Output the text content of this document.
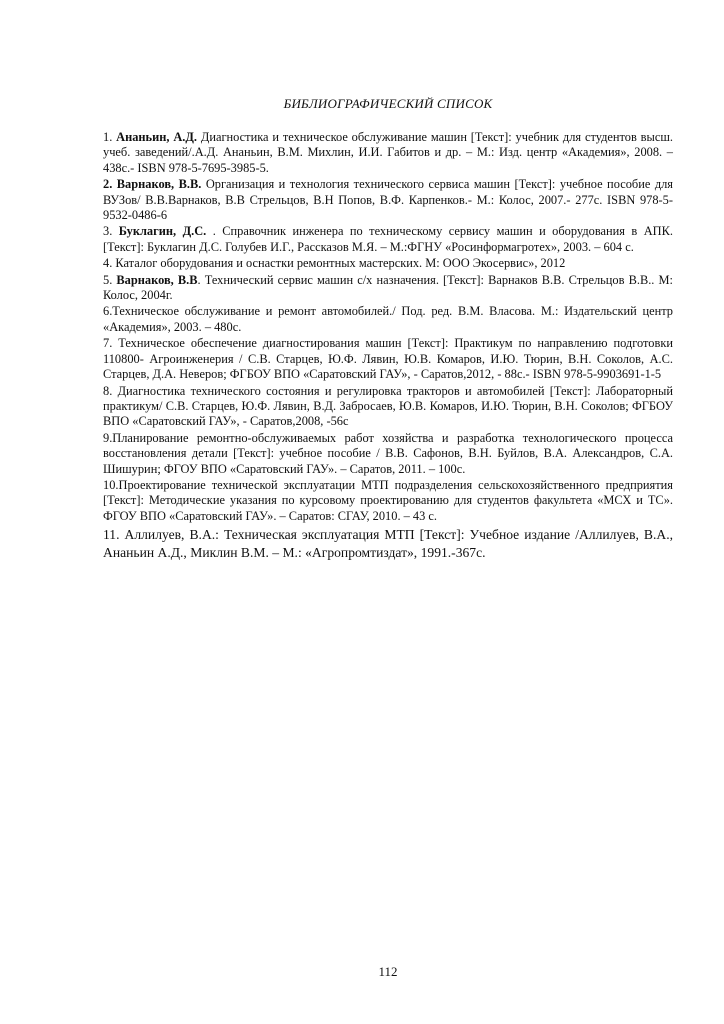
БИБЛИОГРАФИЧЕСКИЙ СПИСОК

1. Ананьин, А.Д. Диагностика и техническое обслуживание машин [Текст]: учебник для студентов высш. учеб. заведений/.А.Д. Ананьин, В.М. Михлин, И.И. Габитов и др. – М.: Изд. центр «Академия», 2008. – 438с.- ISBN 978-5-7695-3985-5.

2. Варнаков, В.В. Организация и технология технического сервиса машин [Текст]: учебное пособие для ВУЗов/ В.В.Варнаков, В.В Стрельцов, В.Н Попов, В.Ф. Карпенков.- М.: Колос, 2007.- 277с. ISBN 978-5-9532-0486-6

3. Буклагин, Д.С. . Справочник инженера по техническому сервису машин и оборудования в АПК. [Текст]: Буклагин Д.С. Голубев И.Г., Рассказов М.Я. – М.:ФГНУ «Росинформагротех», 2003. – 604 с.

4. Каталог оборудования и оснастки ремонтных мастерских. М: ООО Экосервис», 2012

5. Варнаков, В.В. Технический сервис машин с/х назначения. [Текст]: Варнаков В.В. Стрельцов В.В.. М: Колос, 2004г.

6.Техническое обслуживание и ремонт автомобилей./ Под. ред. В.М. Власова. М.: Издательский центр «Академия», 2003. – 480с.

7. Техническое обеспечение диагностирования машин [Текст]: Практикум по направлению подготовки 110800- Агроинженерия / С.В. Старцев, Ю.Ф. Лявин, Ю.В. Комаров, И.Ю. Тюрин, В.Н. Соколов, А.С. Старцев, Д.А. Неверов; ФГБОУ ВПО «Саратовский ГАУ», - Саратов,2012, - 88с.- ISBN 978-5-9903691-1-5

8. Диагностика технического состояния и регулировка тракторов и автомобилей [Текст]: Лабораторный практикум/ С.В. Старцев, Ю.Ф. Лявин, В.Д. Забросаев, Ю.В. Комаров, И.Ю. Тюрин, В.Н. Соколов; ФГБОУ ВПО «Саратовский ГАУ», - Саратов,2008, -56с

9.Планирование ремонтно-обслуживаемых работ хозяйства и разработка технологического процесса восстановления детали [Текст]: учебное пособие / В.В. Сафонов, В.Н. Буйлов, В.А. Александров, С.А. Шишурин; ФГОУ ВПО «Саратовский ГАУ». – Саратов, 2011. – 100с.

10.Проектирование технической эксплуатации МТП подразделения сельскохозяйственного предприятия [Текст]: Методические указания по курсовому проектированию для студентов факультета «МСХ и ТС». ФГОУ ВПО «Саратовский ГАУ». – Саратов: СГАУ, 2010. – 43 с.

11. Аллилуев, В.А.: Техническая эксплуатация МТП [Текст]: Учебное издание /Аллилуев, В.А., Ананьин А.Д., Миклин В.М. – М.: «Агропромтиздат», 1991.-367с.

112
